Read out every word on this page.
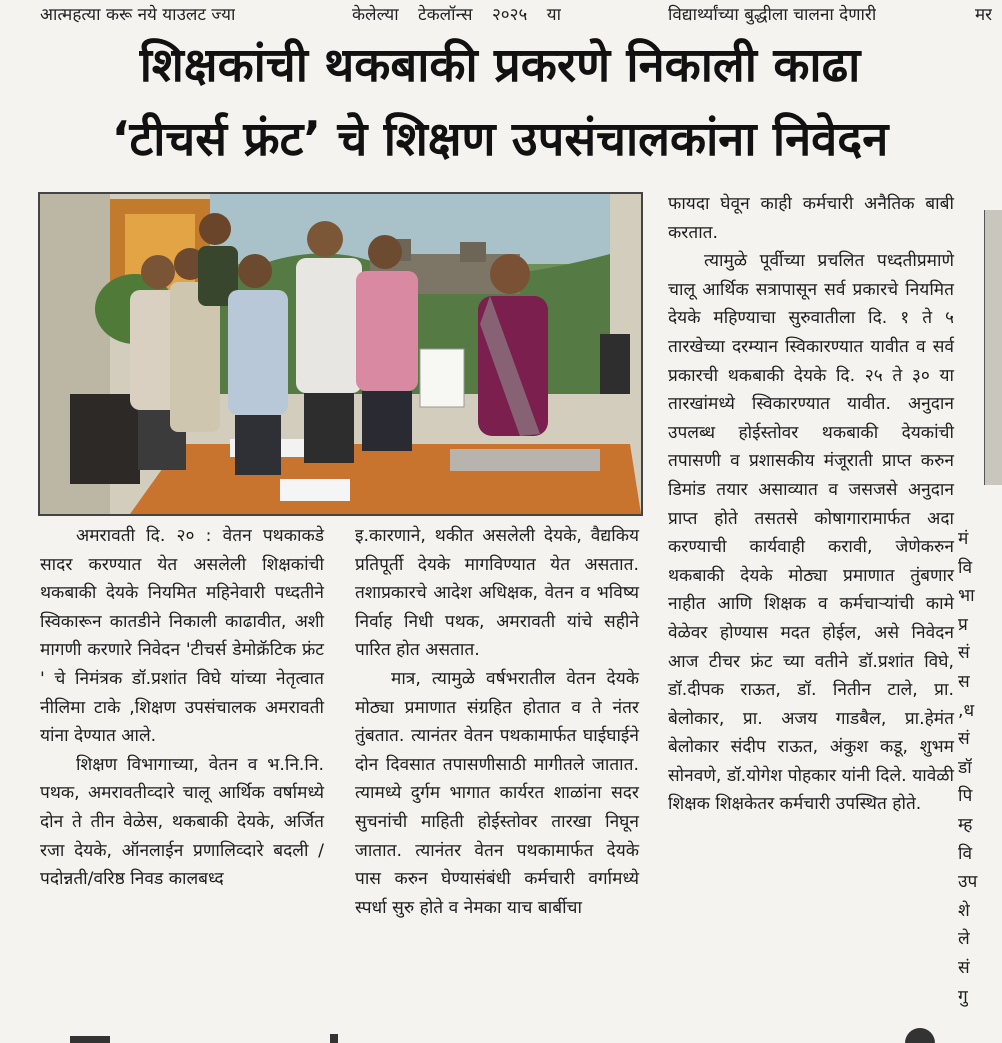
आत्महत्या करू नये याउलट ज्या	केलेल्या टेकलॉन्स २०२५ या	विद्यार्थ्यांच्या बुद्धीला चालना देणारी	मर
शिक्षकांची थकबाकी प्रकरणे निकाली काढा
‘टीचर्स फ्रंट’ चे शिक्षण उपसंचालकांना निवेदन

अमरावती दि. २० : वेतन पथकाकडे सादर करण्यात येत असलेली शिक्षकांची थकबाकी देयके नियमित महिनेवारी पध्दतीने स्विकारून कातडीने निकाली काढावीत, अशी मागणी करणारे निवेदन 'टीचर्स डेमोक्रॅटिक फ्रंट ' चे निमंत्रक डॉ.प्रशांत विघे यांच्या नेतृत्वात नीलिमा टाके ,शिक्षण उपसंचालक अमरावती यांना देण्यात आले.

शिक्षण विभागाच्या, वेतन व भ.नि.नि. पथक, अमरावतीव्दारे चालू आर्थिक वर्षामध्ये दोन ते तीन वेळेस, थकबाकी देयके, अर्जित रजा देयके, ऑनलाईन प्रणालिव्दारे बदली / पदोन्नती/वरिष्ठ निवड कालबध्द

इ.कारणाने, थकीत असलेली देयके, वैद्यकिय प्रतिपूर्ती देयके मागविण्यात येत असतात. तशाप्रकारचे आदेश अधिक्षक, वेतन व भविष्य निर्वाह निधी पथक, अमरावती यांचे सहीने पारित होत असतात.

मात्र, त्यामुळे वर्षभरातील वेतन देयके मोठ्या प्रमाणात संग्रहित होतात व ते नंतर तुंबतात. त्यानंतर वेतन पथकामार्फत घाईघाईने दोन दिवसात तपासणीसाठी मागीतले जातात. त्यामध्ये दुर्गम भागात कार्यरत शाळांना सदर सुचनांची माहिती होईस्तोवर तारखा निघून जातात. त्यानंतर वेतन पथकामार्फत देयके पास करुन घेण्यासंबंधी कर्मचारी वर्गामध्ये स्पर्धा सुरु होते व नेमका याच बार्बीचा

फायदा घेवून काही कर्मचारी अनैतिक बाबी करतात.

त्यामुळे पूर्वीच्या प्रचलित पध्दतीप्रमाणे चालू आर्थिक सत्रापासून सर्व प्रकारचे नियमित देयके महिण्याचा सुरुवातीला दि. १ ते ५ तारखेच्या दरम्यान स्विकारण्यात यावीत व सर्व प्रकारची थकबाकी देयके दि. २५ ते ३० या तारखांमध्ये स्विकारण्यात यावीत. अनुदान उपलब्ध होईस्तोवर थकबाकी देयकांची तपासणी व प्रशासकीय मंजूराती प्राप्त करुन डिमांड तयार असाव्यात व जसजसे अनुदान प्राप्त होते तसतसे कोषागारामार्फत अदा करण्याची कार्यवाही करावी, जेणेकरुन थकबाकी देयके मोठ्या प्रमाणात तुंबणार नाहीत आणि शिक्षक व कर्मचाऱ्यांची कामे वेळेवर होण्यास मदत होईल, असे निवेदन आज टीचर फ्रंट च्या वतीने डॉ.प्रशांत विघे, डॉ.दीपक राऊत, डॉ. नितीन टाले, प्रा. बेलोकार, प्रा. अजय गाडबैल, प्रा.हेमंत बेलोकार संदीप राऊत, अंकुश कडू, शुभम सोनवणे, डॉ.योगेश पोहकार यांनी दिले. यावेळी शिक्षक शिक्षकेतर कर्मचारी उपस्थित होते.

मं
वि
भा
प्र
सं
स
,ध
सं
डॉ
पि
म्ह
वि
उप
शे
ले
सं
गु
